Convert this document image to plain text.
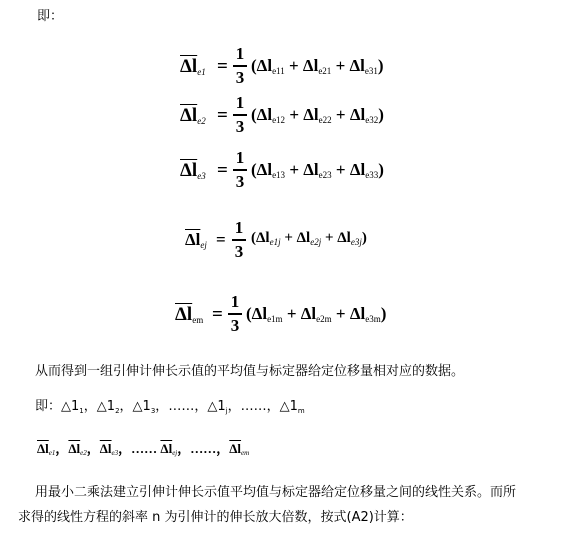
即：
$\overline{\Delta l}_{e1}$ =
1
3
(Δle11 + Δle21 + Δle31)
$\overline{\Delta l}_{e2}$ =
1
3
(Δle12 + Δle22 + Δle32)
$\overline{\Delta l}_{e3}$ =
1
3
(Δle13 + Δle23 + Δle33)
$\overline{\Delta l}_{ej}$ =
1
3
$(\Delta l_{e1j} + \Delta l_{e2j} + \Delta l_{e3j})$
$\overline{\Delta l}em$ =
1
3
(Δle1m + Δle2m + Δle3m)
从而得到一组引伸计伸长示值的平均值与标定器给定位移量相对应的数据。
即：$\triangle 1_1$，$\triangle 1_2$，$\triangle 1_3$，……，$\triangle 1_j$，……，$\triangle 1_m$
$\overline{\Delta l}_{e1}$，$\overline{\Delta l}_{e2}$，$\overline{\Delta l}_{e3}$，…… $\overline{\Delta l}_{ej}$，……，$\overline{\Delta l}_{em}$
用最小二乘法建立引伸计伸长示值平均值与标定器给定位移量之间的线性关系。而所
求得的线性方程的斜率 n 为引伸计的伸长放大倍数，按式(A2)计算：
